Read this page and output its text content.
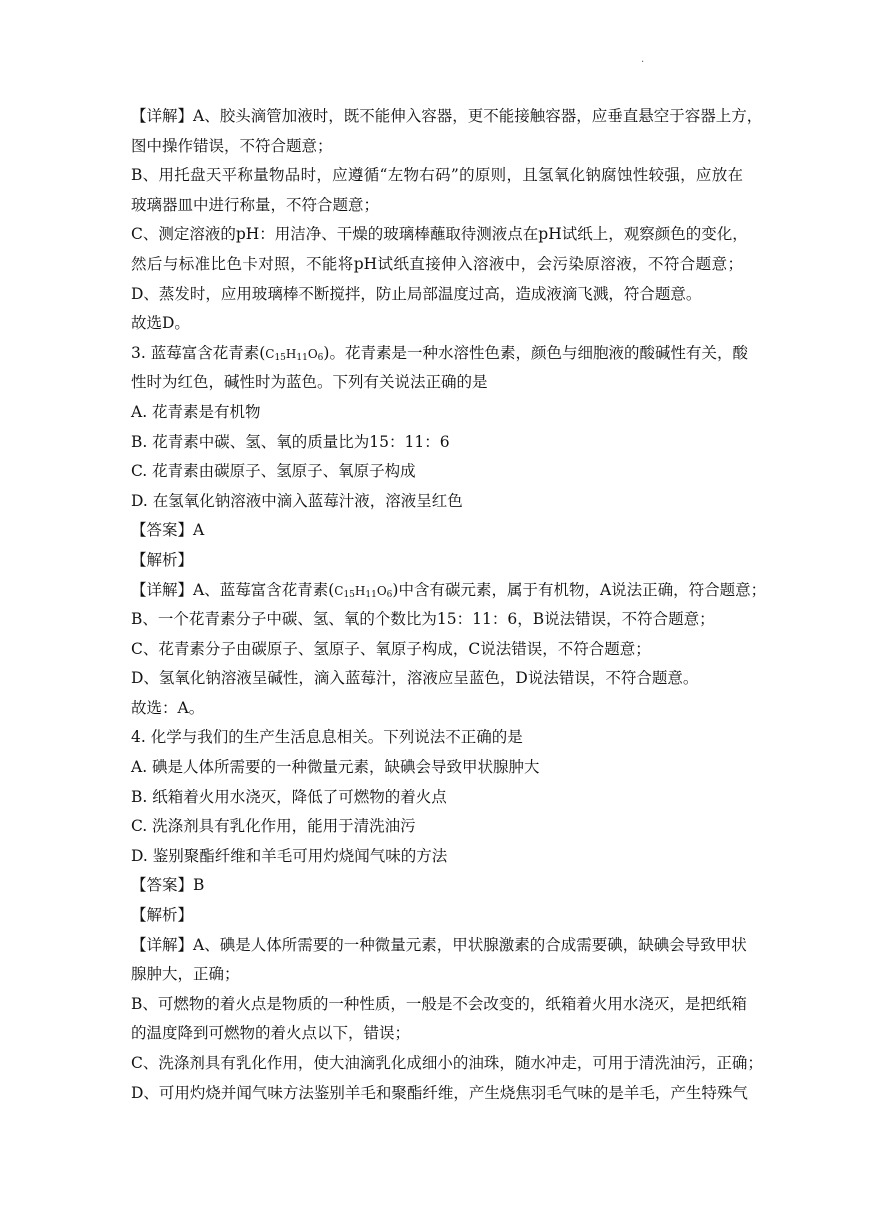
.
【详解】A、胶头滴管加液时，既不能伸入容器，更不能接触容器，应垂直悬空于容器上方，
图中操作错误，不符合题意；
B、用托盘天平称量物品时，应遵循“左物右码”的原则，且氢氧化钠腐蚀性较强，应放在
玻璃器皿中进行称量，不符合题意；
C、测定溶液的pH：用洁净、干燥的玻璃棒蘸取待测液点在pH试纸上，观察颜色的变化，
然后与标准比色卡对照，不能将pH试纸直接伸入溶液中，会污染原溶液，不符合题意；
D、蒸发时，应用玻璃棒不断搅拌，防止局部温度过高，造成液滴飞溅，符合题意。
故选D。
3. 蓝莓富含花青素$(C_{15}H_{11}O_6)$。花青素是一种水溶性色素，颜色与细胞液的酸碱性有关，酸
性时为红色，碱性时为蓝色。下列有关说法正确的是
A. 花青素是有机物
B. 花青素中碳、氢、氧的质量比为15：11：6
C. 花青素由碳原子、氢原子、氧原子构成
D. 在氢氧化钠溶液中滴入蓝莓汁液，溶液呈红色
【答案】A
【解析】
【详解】A、蓝莓富含花青素$(C_{15}H_{11}O_6)$中含有碳元素，属于有机物，A说法正确，符合题意；
B、一个花青素分子中碳、氢、氧的个数比为15：11：6，B说法错误，不符合题意；
C、花青素分子由碳原子、氢原子、氧原子构成，C说法错误，不符合题意；
D、氢氧化钠溶液呈碱性，滴入蓝莓汁，溶液应呈蓝色，D说法错误，不符合题意。
故选：A。
4. 化学与我们的生产生活息息相关。下列说法不正确的是
A. 碘是人体所需要的一种微量元素，缺碘会导致甲状腺肿大
B. 纸箱着火用水浇灭，降低了可燃物的着火点
C. 洗涤剂具有乳化作用，能用于清洗油污
D. 鉴别聚酯纤维和羊毛可用灼烧闻气味的方法
【答案】B
【解析】
【详解】A、碘是人体所需要的一种微量元素，甲状腺激素的合成需要碘，缺碘会导致甲状
腺肿大，正确；
B、可燃物的着火点是物质的一种性质，一般是不会改变的，纸箱着火用水浇灭，是把纸箱
的温度降到可燃物的着火点以下，错误；
C、洗涤剂具有乳化作用，使大油滴乳化成细小的油珠，随水冲走，可用于清洗油污，正确；
D、可用灼烧并闻气味方法鉴别羊毛和聚酯纤维，产生烧焦羽毛气味的是羊毛，产生特殊气
